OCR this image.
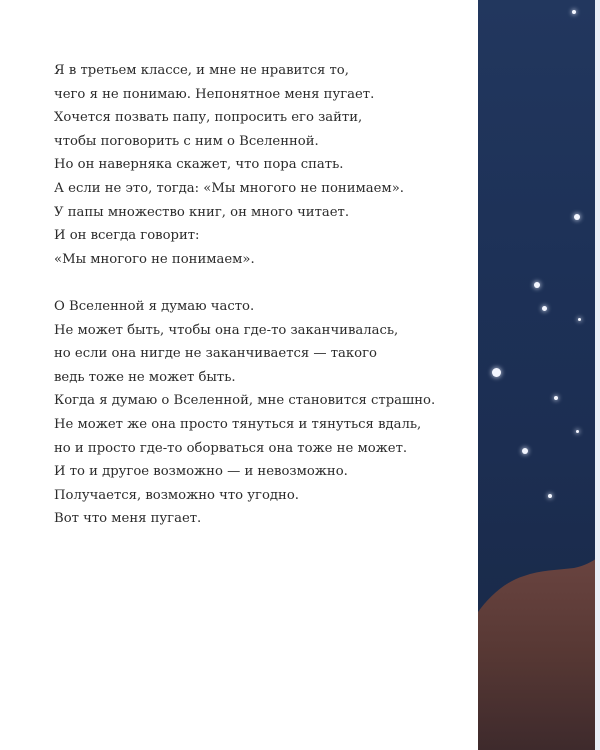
Я в третьем классе, и мне не нравится то,
чего я не понимаю. Непонятное меня пугает.
Хочется позвать папу, попросить его зайти,
чтобы поговорить с ним о Вселенной.
Но он наверняка скажет, что пора спать.
А если не это, тогда: «Мы многого не понимаем».
У папы множество книг, он много читает.
И он всегда говорит:
«Мы многого не понимаем».
О Вселенной я думаю часто.
Не может быть, чтобы она где-то заканчивалась,
но если она нигде не заканчивается — такого
ведь тоже не может быть.
Когда я думаю о Вселенной, мне становится страшно.
Не может же она просто тянуться и тянуться вдаль,
но и просто где-то оборваться она тоже не может.
И то и другое возможно — и невозможно.
Получается, возможно что угодно.
Вот что меня пугает.
